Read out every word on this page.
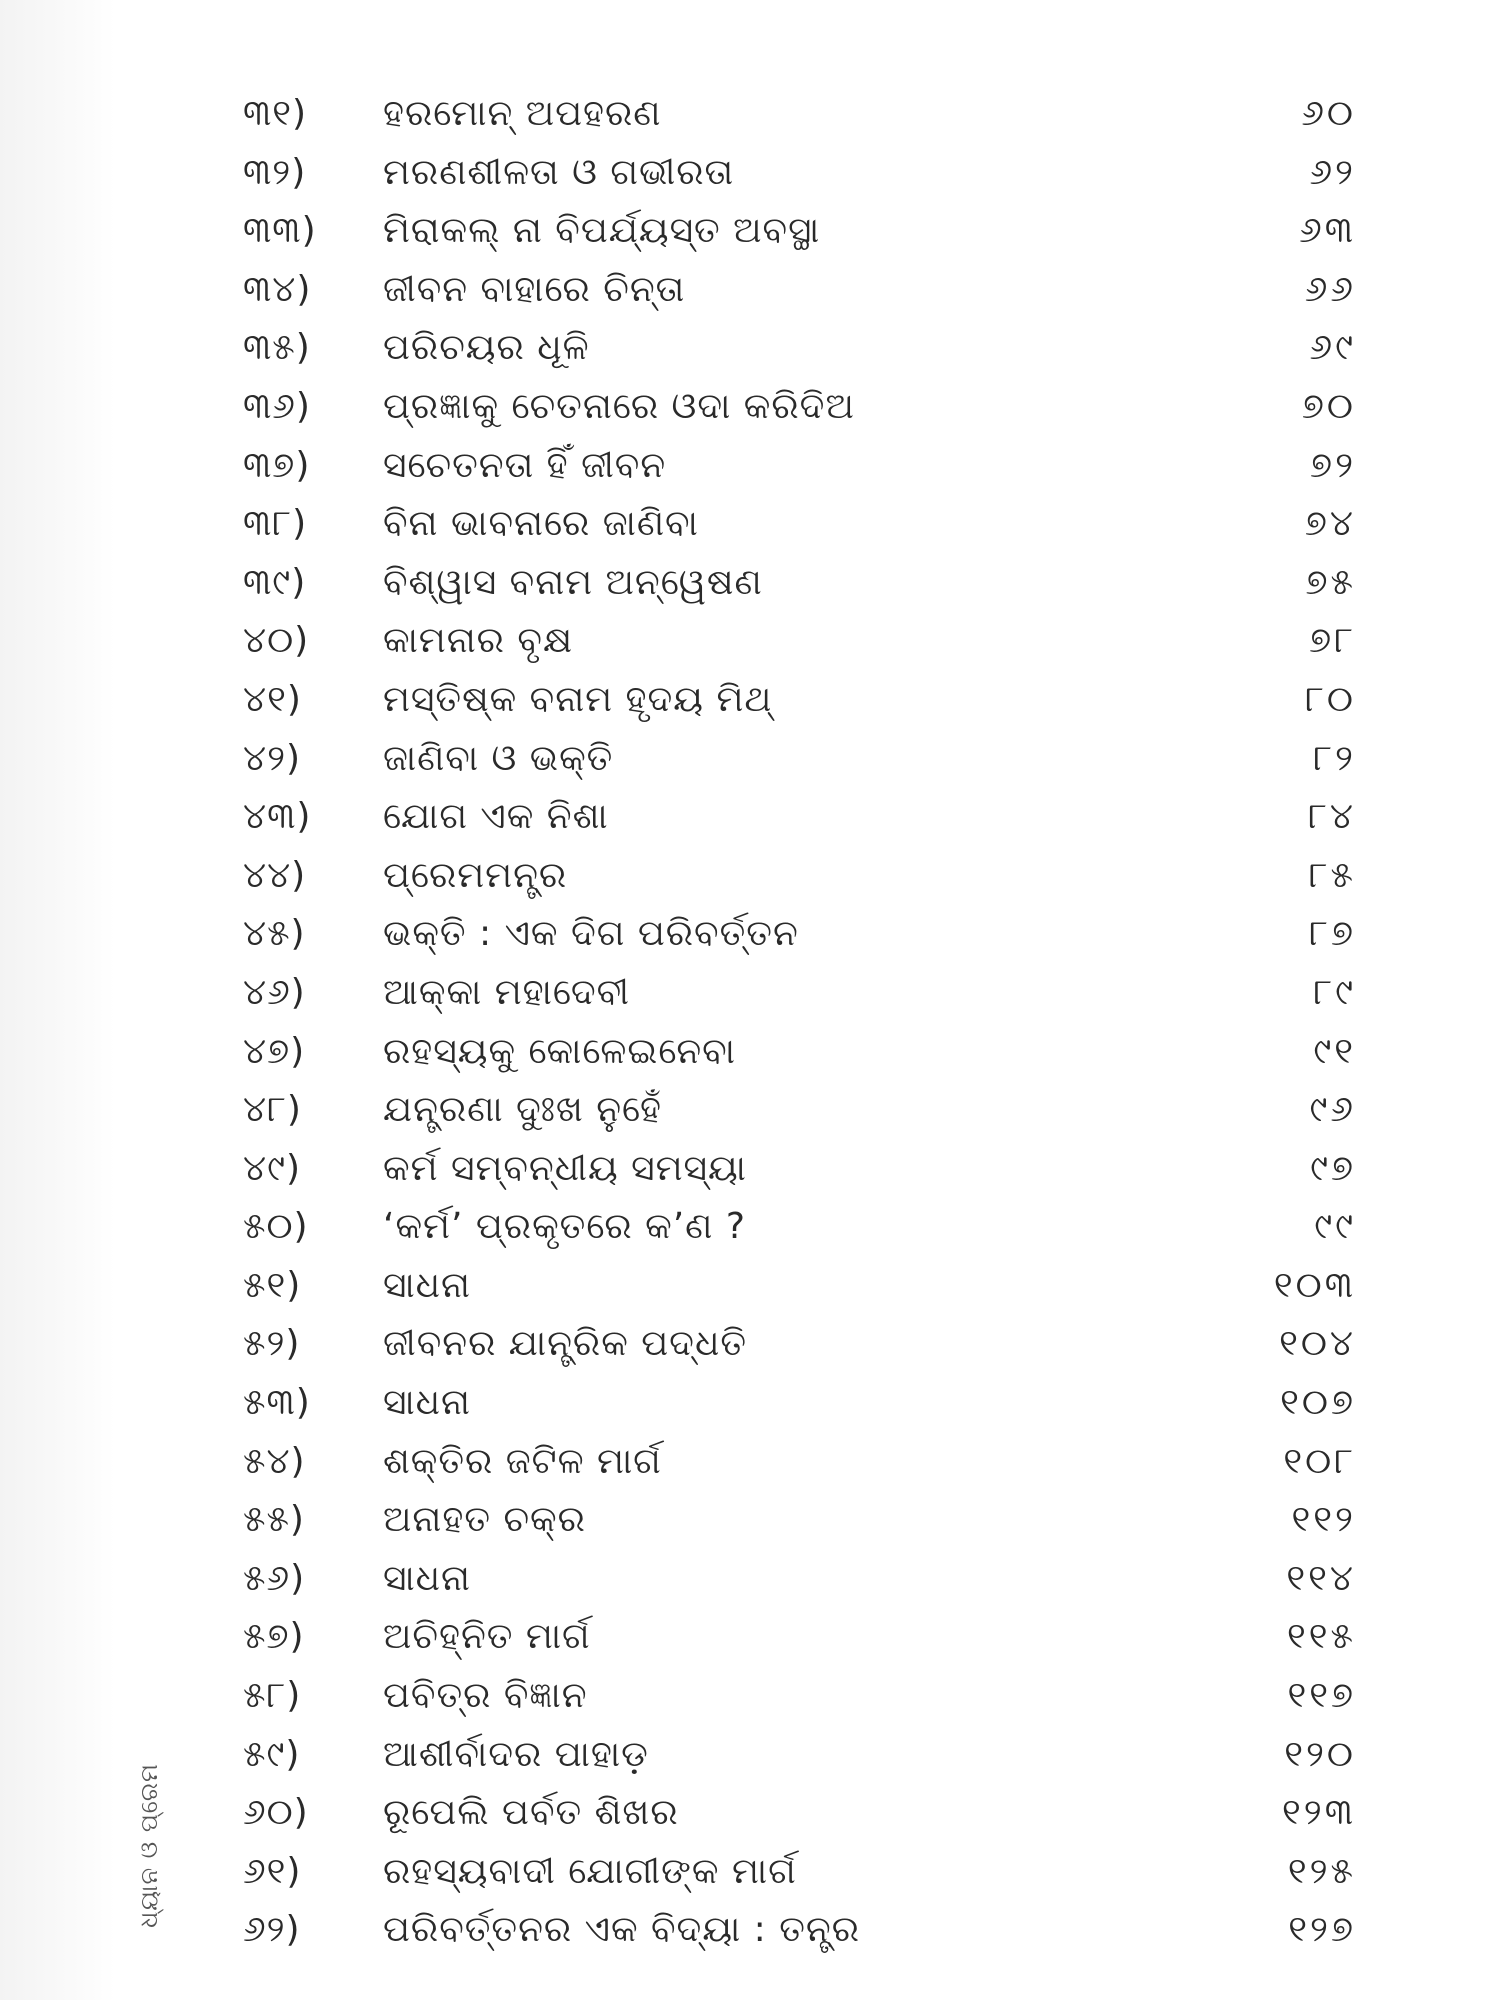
ଧ୍ୟାନ ଓ ପ୍ରେମ
୩୧)	ହରମୋନ୍ ଅପହରଣ	୬୦
୩୨)	ମରଣଶୀଳତା ଓ ଗଭୀରତା	୬୨
୩୩)	ମିରାକଲ୍ ନା ବିପର୍ଯ୍ୟସ୍ତ ଅବସ୍ଥା	୬୩
୩୪)	ଜୀବନ ବାହାରେ ଚିନ୍ତା	୬୬
୩୫)	ପରିଚୟର ଧୂଳି	୬୯
୩୬)	ପ୍ରଜ୍ଞାକୁ ଚେତନାରେ ଓଦା କରିଦିଅ	୭୦
୩୭)	ସଚେତନତା ହିଁ ଜୀବନ	୭୨
୩୮)	ବିନା ଭାବନାରେ ଜାଣିବା	୭୪
୩୯)	ବିଶ୍ୱାସ ବନାମ ଅନ୍ୱେଷଣ	୭୫
୪୦)	କାମନାର ବୃକ୍ଷ	୭୮
୪୧)	ମସ୍ତିଷ୍କ ବନାମ ହୃଦୟ ମିଥ୍	୮୦
୪୨)	ଜାଣିବା ଓ ଭକ୍ତି	୮୨
୪୩)	ଯୋଗ ଏକ ନିଶା	୮୪
୪୪)	ପ୍ରେମମନ୍ତ୍ର	୮୫
୪୫)	ଭକ୍ତି : ଏକ ଦିଗ ପରିବର୍ତ୍ତନ	୮୭
୪୬)	ଆକ୍କା ମହାଦେବୀ	୮୯
୪୭)	ରହସ୍ୟକୁ କୋଳେଇନେବା	୯୧
୪୮)	ଯନ୍ତ୍ରଣା ଦୁଃଖ ନୁହେଁ	୯୬
୪୯)	କର୍ମ ସମ୍ବନ୍ଧୀୟ ସମସ୍ୟା	୯୭
୫୦)	‘କର୍ମ’ ପ୍ରକୃତରେ କ’ଣ ?	୯୯
୫୧)	ସାଧନା	୧୦୩
୫୨)	ଜୀବନର ଯାନ୍ତ୍ରିକ ପଦ୍ଧତି	୧୦୪
୫୩)	ସାଧନା	୧୦୭
୫୪)	ଶକ୍ତିର ଜଟିଳ ମାର୍ଗ	୧୦୮
୫୫)	ଅନାହତ ଚକ୍ର	୧୧୨
୫୬)	ସାଧନା	୧୧୪
୫୭)	ଅଚିହ୍ନିତ ମାର୍ଗ	୧୧୫
୫୮)	ପବିତ୍ର ବିଜ୍ଞାନ	୧୧୭
୫୯)	ଆଶୀର୍ବାଦର ପାହାଡ଼	୧୨୦
୬୦)	ରୂପେଲି ପର୍ବତ ଶିଖର	୧୨୩
୬୧)	ରହସ୍ୟବାଦୀ ଯୋଗୀଙ୍କ ମାର୍ଗ	୧୨୫
୬୨)	ପରିବର୍ତ୍ତନର ଏକ ବିଦ୍ୟା : ତନ୍ତ୍ର	୧୨୭
